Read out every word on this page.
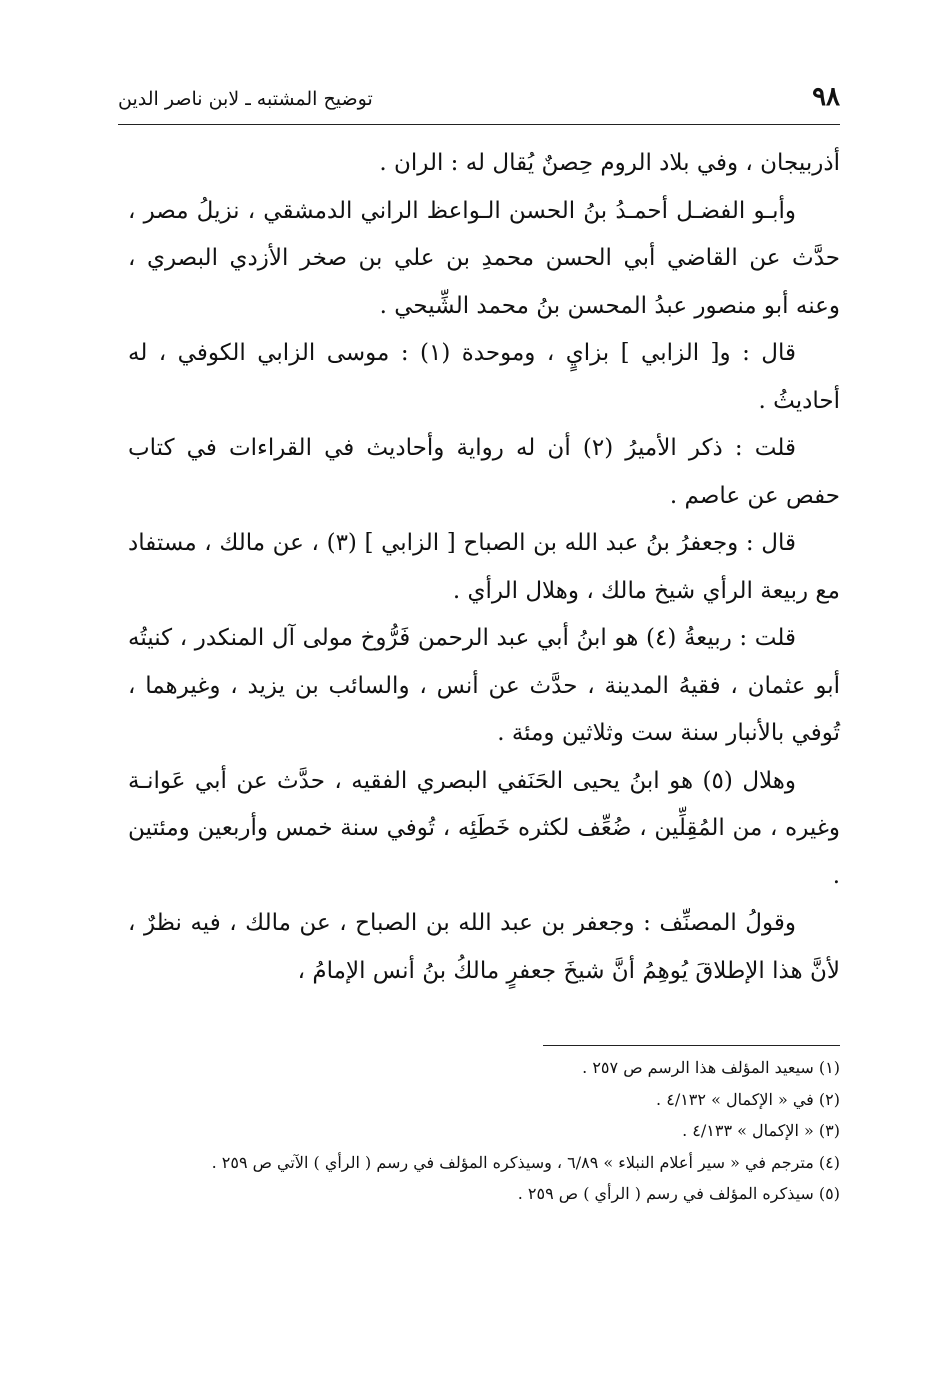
٩٨
توضيح المشتبه ـ لابن ناصر الدين

أذربيجان ، وفي بلاد الروم حِصنٌ يُقال له : الران .

وأبـو الفضـل أحمـدُ بنُ الحسن الـواعظ الراني الدمشقي ، نزيلُ مصر ، حدَّث عن القاضي أبي الحسن محمدِ بن علي بن صخر الأزدي البصري ، وعنه أبو منصور عبدُ المحسن بنُ محمد الشِّيحي .

قال : و[ الزابي ] بزايٍ ، وموحدة (١) : موسى الزابي الكوفي ، له أحاديثُ .

قلت : ذكر الأميرُ (٢) أن له رواية وأحاديث في القراءات في كتاب حفص عن عاصم .

قال : وجعفرُ بنُ عبد الله بن الصباح [ الزابي ] (٣) ، عن مالك ، مستفاد مع ربيعة الرأي شيخ مالك ، وهلال الرأي .

قلت : ربيعةُ (٤) هو ابنُ أبي عبد الرحمن فَرُّوخ مولى آل المنكدر ، كنيتُه أبو عثمان ، فقيهُ المدينة ، حدَّث عن أنس ، والسائب بن يزيد ، وغيرهما ، تُوفي بالأنبار سنة ست وثلاثين ومئة .

وهلال (٥) هو ابنُ يحيى الحَنَفي البصري الفقيه ، حدَّث عن أبي عَوانـة وغيره ، من المُقِلِّين ، ضُعِّف لكثره خَطَئِه ، تُوفي سنة خمس وأربعين ومئتين .

وقولُ المصنِّف : وجعفر بن عبد الله بن الصباح ، عن مالك ، فيه نظرٌ ، لأنَّ هذا الإطلاقَ يُوهِمُ أنَّ شيخَ جعفرٍ مالكُ بنُ أنس الإمامُ ،

(١) سيعيد المؤلف هذا الرسم ص ٢٥٧ .

(٢) في « الإكمال » ٤/١٣٢ .

(٣) « الإكمال » ٤/١٣٣ .

(٤) مترجم في « سير أعلام النبلاء » ٦/٨٩ ، وسيذكره المؤلف في رسم ( الرأي ) الآتي ص ٢٥٩ .

(٥) سيذكره المؤلف في رسم ( الرأي ) ص ٢٥٩ .
